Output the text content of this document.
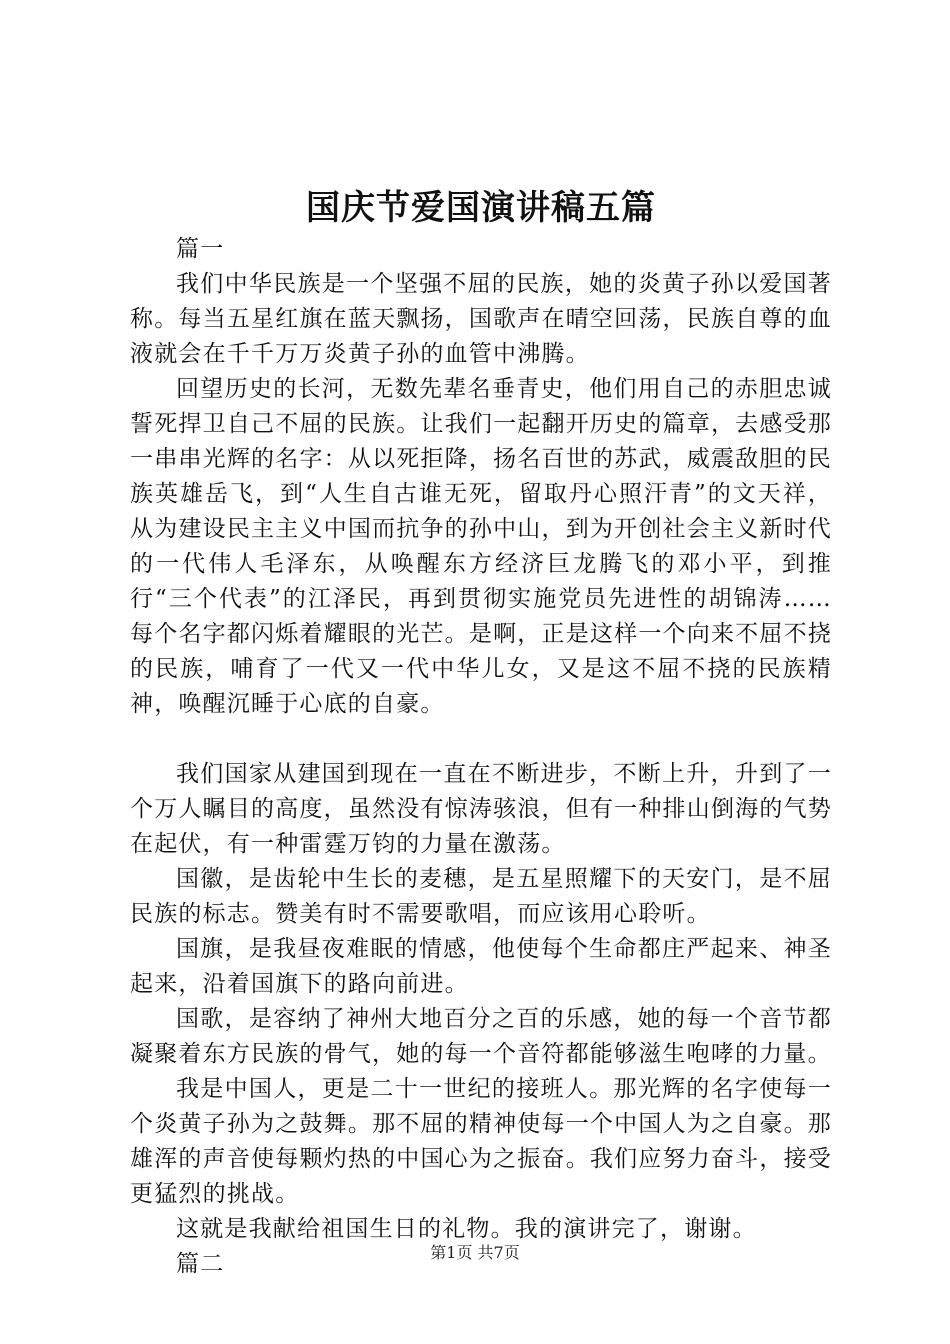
国庆节爱国演讲稿五篇

篇一

我们中华民族是一个坚强不屈的民族，她的炎黄子孙以爱国著称。每当五星红旗在蓝天飘扬，国歌声在晴空回荡，民族自尊的血液就会在千千万万炎黄子孙的血管中沸腾。

回望历史的长河，无数先辈名垂青史，他们用自己的赤胆忠诚誓死捍卫自己不屈的民族。让我们一起翻开历史的篇章，去感受那一串串光辉的名字：从以死拒降，扬名百世的苏武，威震敌胆的民族英雄岳飞，到“人生自古谁无死，留取丹心照汗青”的文天祥，从为建设民主主义中国而抗争的孙中山，到为开创社会主义新时代的一代伟人毛泽东，从唤醒东方经济巨龙腾飞的邓小平，到推行“三个代表”的江泽民，再到贯彻实施党员先进性的胡锦涛……每个名字都闪烁着耀眼的光芒。是啊，正是这样一个向来不屈不挠的民族，哺育了一代又一代中华儿女，又是这不屈不挠的民族精神，唤醒沉睡于心底的自豪。

我们国家从建国到现在一直在不断进步，不断上升，升到了一个万人瞩目的高度，虽然没有惊涛骇浪，但有一种排山倒海的气势在起伏，有一种雷霆万钧的力量在激荡。

国徽，是齿轮中生长的麦穗，是五星照耀下的天安门，是不屈民族的标志。赞美有时不需要歌唱，而应该用心聆听。

国旗，是我昼夜难眠的情感，他使每个生命都庄严起来、神圣起来，沿着国旗下的路向前进。

国歌，是容纳了神州大地百分之百的乐感，她的每一个音节都凝聚着东方民族的骨气，她的每一个音符都能够滋生咆哮的力量。

我是中国人，更是二十一世纪的接班人。那光辉的名字使每一个炎黄子孙为之鼓舞。那不屈的精神使每一个中国人为之自豪。那雄浑的声音使每颗灼热的中国心为之振奋。我们应努力奋斗，接受更猛烈的挑战。

这就是我献给祖国生日的礼物。我的演讲完了，谢谢。

篇二	第1页 共7页
